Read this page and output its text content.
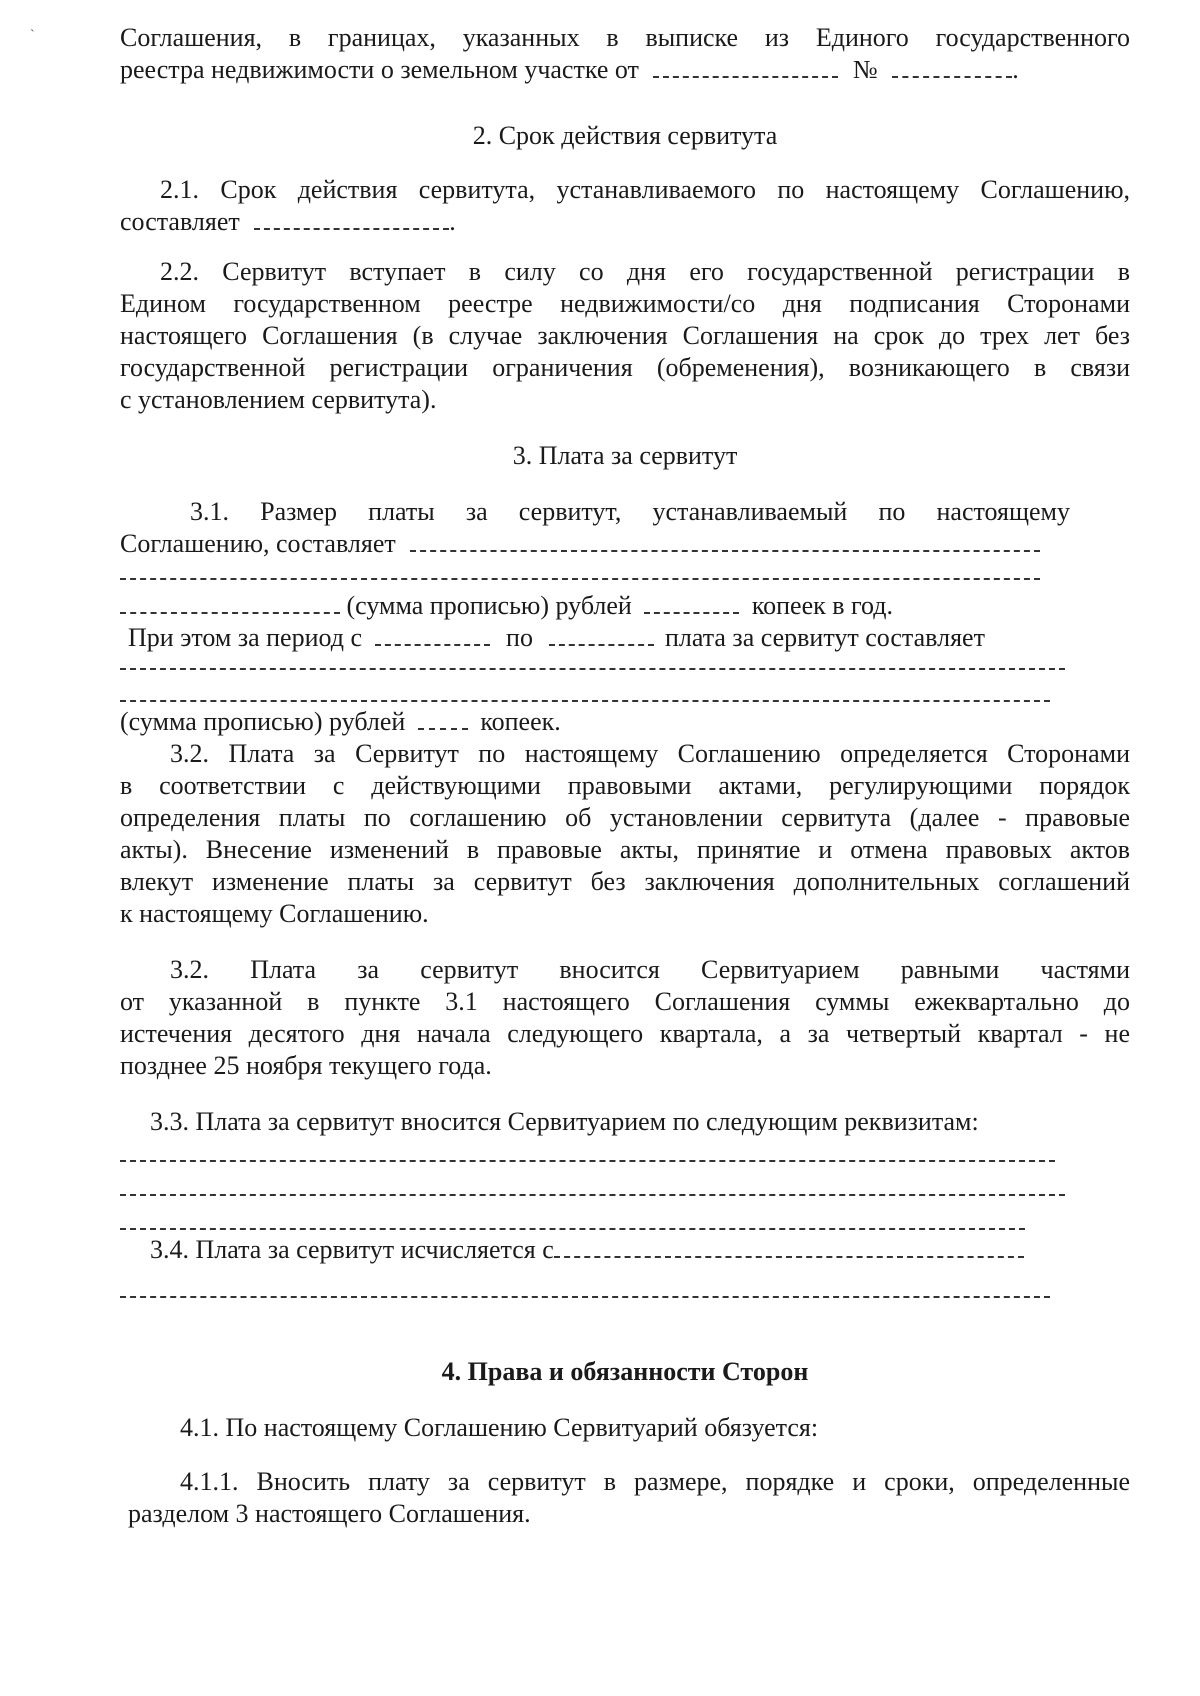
`	Соглашения, в границах, указанных в выписке из Единого государственного
реестра недвижимости о земельном участке от	№	.
2. Срок действия сервитута
2.1. Срок действия сервитута, устанавливаемого по настоящему Соглашению,
составляет	.
2.2. Сервитут вступает в силу со дня его государственной регистрации в
Едином государственном реестре недвижимости/со дня подписания Сторонами
настоящего Соглашения (в случае заключения Соглашения на срок до трех лет без
государственной регистрации ограничения (обременения), возникающего в связи
с установлением сервитута).
3. Плата за сервитут
3.1. Размер платы за сервитут, устанавливаемый по настоящему
Соглашению, составляет
(сумма прописью) рублей	копеек в год.
При этом за период с	по	плата за сервитут составляет
(сумма прописью) рублей	копеек.
3.2. Плата за Сервитут по настоящему Соглашению определяется Сторонами
в соответствии с действующими правовыми актами, регулирующими порядок
определения платы по соглашению об установлении сервитута (далее - правовые
акты). Внесение изменений в правовые акты, принятие и отмена правовых актов
влекут изменение платы за сервитут без заключения дополнительных соглашений
к настоящему Соглашению.
3.2. Плата за сервитут вносится Сервитуарием равными частями
от указанной в пункте 3.1 настоящего Соглашения суммы ежеквартально до
истечения десятого дня начала следующего квартала, а за четвертый квартал - не
позднее 25 ноября текущего года.
3.3. Плата за сервитут вносится Сервитуарием по следующим реквизитам:
3.4. Плата за сервитут исчисляется с
4. Права и обязанности Сторон
4.1. По настоящему Соглашению Сервитуарий обязуется:
4.1.1. Вносить плату за сервитут в размере, порядке и сроки, определенные
разделом 3 настоящего Соглашения.
